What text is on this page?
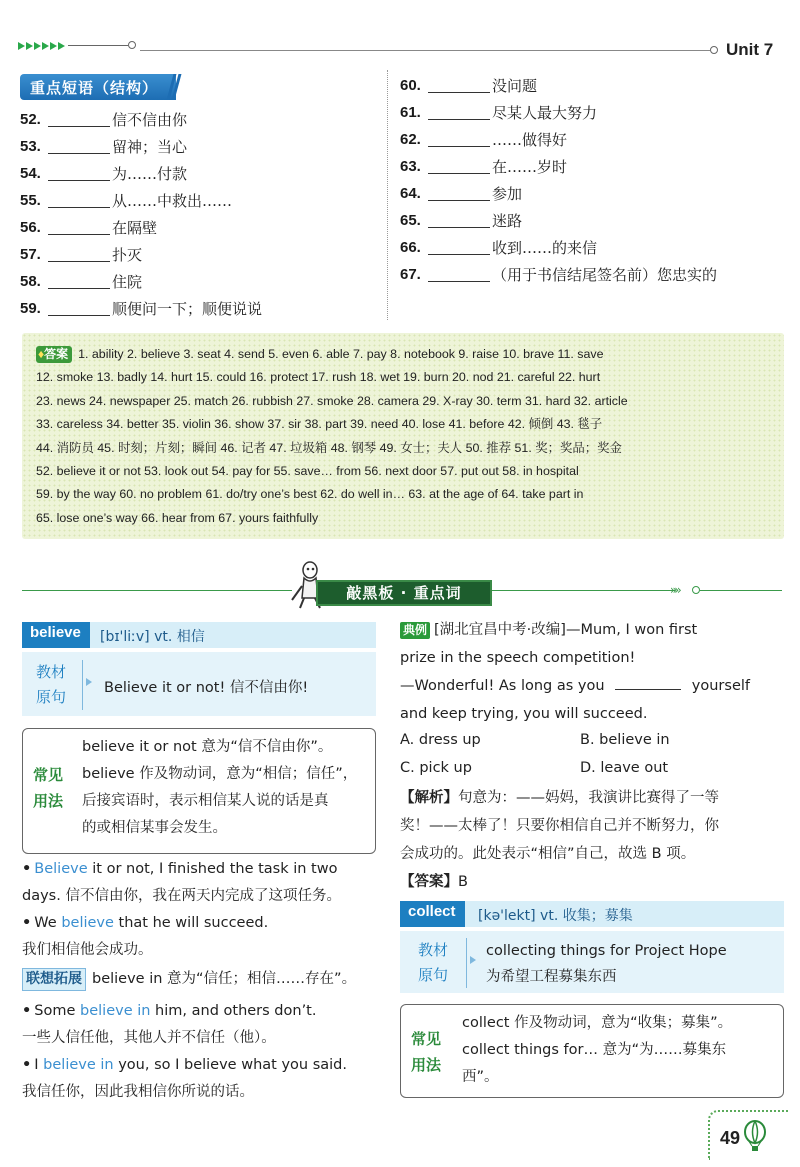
Unit 7
重点短语（结构）
52.	信不信由你
53.	留神；当心
54.	为……付款
55.	从……中救出……
56.	在隔壁
57.	扑灭
58.	住院
59.	顺便问一下；顺便说说
60.	没问题
61.	尽某人最大努力
62.	……做得好
63.	在……岁时
64.	参加
65.	迷路
66.	收到……的来信
67.	（用于书信结尾签名前）您忠实的
♦答案 1. ability 2. believe 3. seat 4. send 5. even 6. able 7. pay 8. notebook 9. raise 10. brave 11. save
12. smoke 13. badly 14. hurt 15. could 16. protect 17. rush 18. wet 19. burn 20. nod 21. careful 22. hurt
23. news 24. newspaper 25. match 26. rubbish 27. smoke 28. camera 29. X-ray 30. term 31. hard 32. article
33. careless 34. better 35. violin 36. show 37. sir 38. part 39. need 40. lose 41. before 42. 倾倒 43. 毯子
44. 消防员 45. 时刻；片刻；瞬间 46. 记者 47. 垃圾箱 48. 钢琴 49. 女士；夫人 50. 推荐 51. 奖；奖品；奖金
52. believe it or not 53. look out 54. pay for 55. save… from 56. next door 57. put out 58. in hospital
59. by the way 60. no problem 61. do/try one’s best 62. do well in… 63. at the age of 64. take part in
65. lose one’s way 66. hear from 67. yours faithfully
»»
敲黑板 · 重点词
believe	[bɪ'liːv] vt. 相信
教材
原句	Believe it or not! 信不信由你!
常见
用法
believe it or not 意为“信不信由你”。
believe 作及物动词，意为“相信；信任”，
后接宾语时，表示相信某人说的话是真
的或相信某事会发生。
• Believe it or not, I finished the task in two
days. 信不信由你，我在两天内完成了这项任务。
• We believe that he will succeed.
我们相信他会成功。
联想拓展 believe in 意为“信任；相信……存在”。
• Some believe in him, and others don’t.
一些人信任他，其他人并不信任（他）。
• I believe in you, so I believe what you said.
我信任你，因此我相信你所说的话。
典例 [湖北宜昌中考·改编]—Mum, I won first
prize in the speech competition!
—Wonderful! As long as you	yourself
and keep trying, you will succeed.
A. dress up	B. believe in
C. pick up	D. leave out
【解析】句意为：——妈妈，我演讲比赛得了一等
奖！——太棒了！只要你相信自己并不断努力，你
会成功的。此处表示“相信”自己，故选 B 项。
【答案】B
collect	[kə'lekt] vt. 收集；募集
教材
原句
collecting things for Project Hope
为希望工程募集东西
常见
用法
collect 作及物动词，意为“收集；募集”。
collect things for… 意为“为……募集东
西”。
49
